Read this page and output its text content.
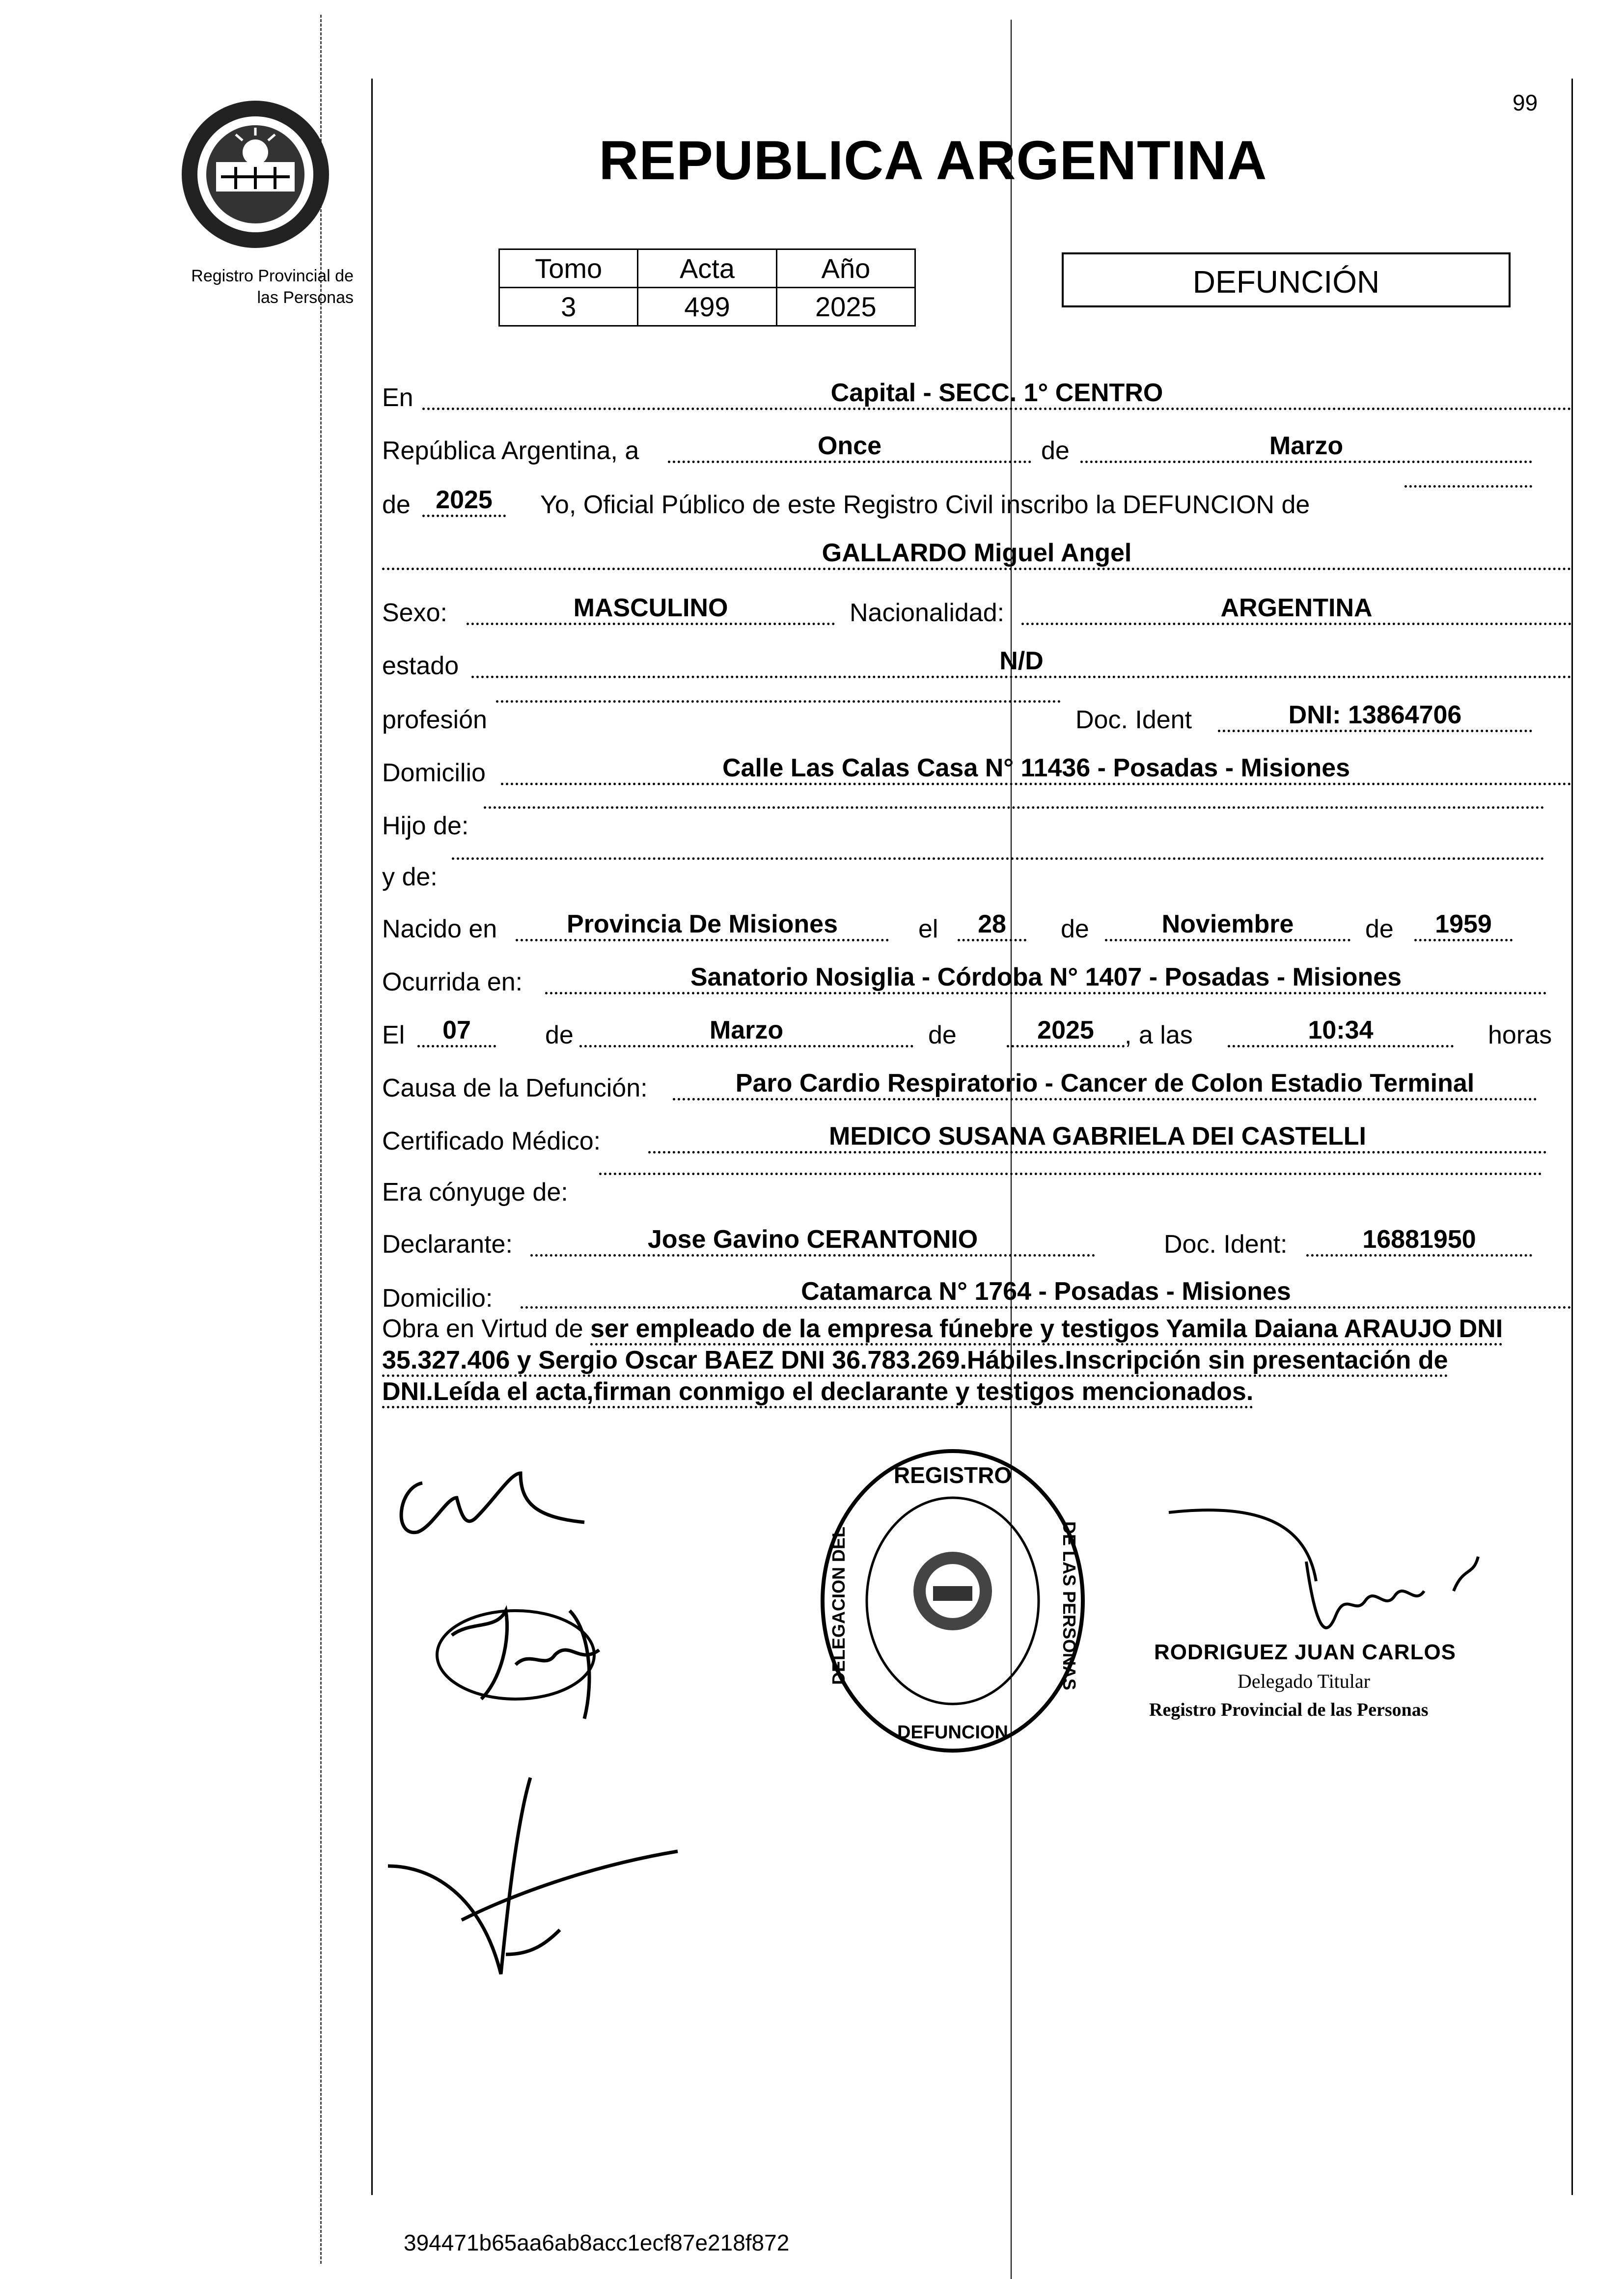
Registro Provincial de
las Personas
99
REPUBLICA ARGENTINA
Tomo	Acta	Año
3	499	2025
DEFUNCIÓN
En	Capital - SECC. 1° CENTRO
República Argentina, a	Once	de	Marzo
de 2025	Yo, Oficial Público de este Registro Civil inscribo la DEFUNCION de
GALLARDO Miguel Angel
Sexo:	MASCULINO	Nacionalidad:	ARGENTINA
estado	N/D
profesión	Doc. Ident	DNI: 13864706
Domicilio	Calle Las Calas Casa N° 11436 - Posadas - Misiones
Hijo de:
y de:
Nacido en	Provincia De Misiones	el	28	de	Noviembre	de	1959
Ocurrida en:	Sanatorio Nosiglia - Córdoba N° 1407 - Posadas - Misiones
El	07	de	Marzo	de	2025	, a las	10:34	horas
Causa de la Defunción:	Paro Cardio Respiratorio - Cancer de Colon Estadio Terminal
Certificado Médico:	MEDICO SUSANA GABRIELA DEI CASTELLI
Era cónyuge de:
Declarante:	Jose Gavino CERANTONIO	Doc. Ident:	16881950
Domicilio:	Catamarca N° 1764 - Posadas - Misiones
Obra en Virtud de ser empleado de la empresa fúnebre y testigos Yamila Daiana ARAUJO DNI 35.327.406 y Sergio Oscar BAEZ DNI 36.783.269.Hábiles.Inscripción sin presentación de DNI.Leída el acta,firman conmigo el declarante y testigos mencionados.
REGISTRO
DEFUNCION
DELEGACION DEL	DE LAS PERSONAS	RODRIGUEZ JUAN CARLOS
Delegado Titular
Registro Provincial de las Personas
394471b65aa6ab8acc1ecf87e218f872
